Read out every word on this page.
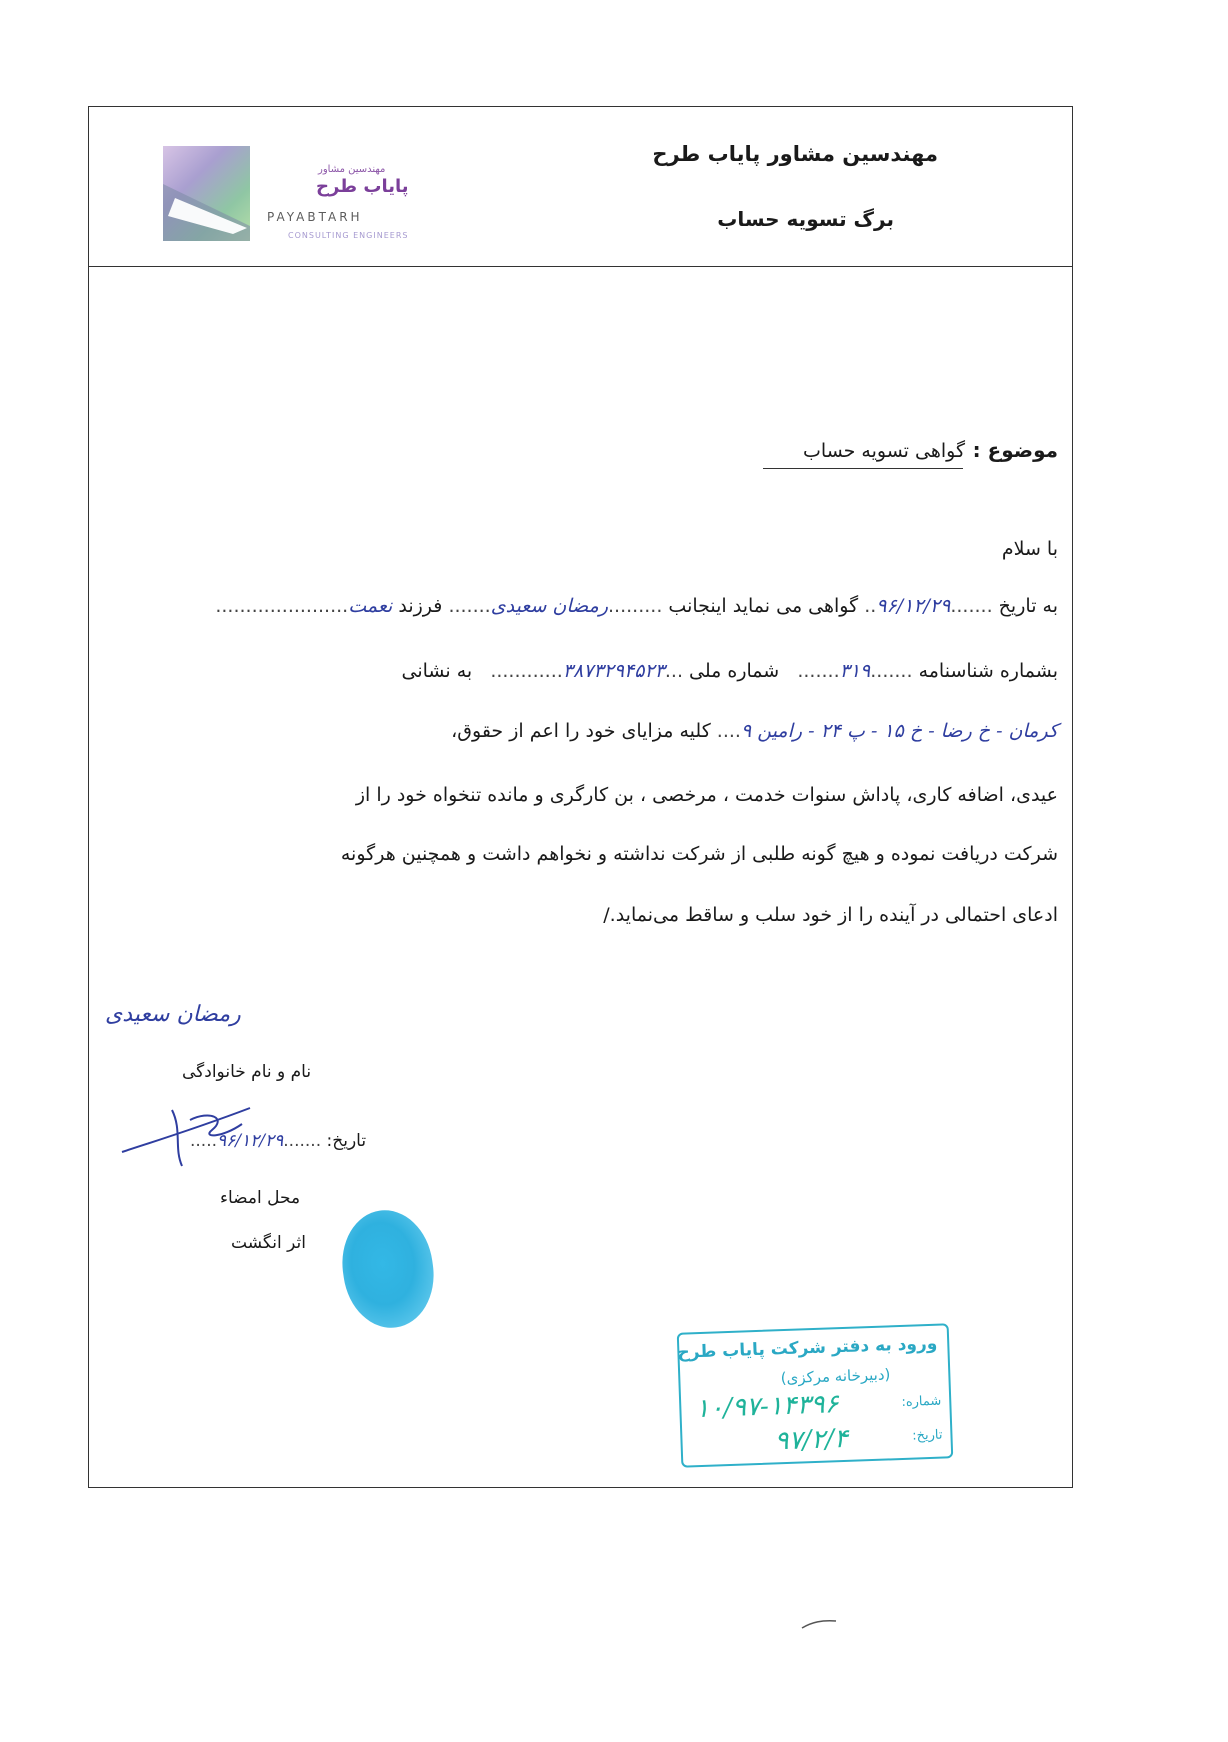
مهندسین مشاور
پایاب طرح
PAYABTARH
CONSULTING ENGINEERS
مهندسین مشاور پایاب طرح
برگ تسویه حساب
موضوع :
گواهی تسویه حساب
با سلام
به تاریخ .......۹۶/۱۲/۲۹.. گواهی می نماید اینجانب .........رمضان سعیدی....... فرزند نعمت......................
بشماره شناسنامه .......۳۱۹.......   شماره ملی ...۳۸۷۳۲۹۴۵۲۳............   به نشانی
کرمان - خ رضا - خ ۱۵ - پ ۲۴ - رامین ۹.... کلیه مزایای خود را اعم از حقوق،
عیدی، اضافه کاری، پاداش سنوات خدمت ، مرخصی ، بن کارگری و مانده تنخواه خود را از
شرکت دریافت نموده و هیچ گونه طلبی از شرکت نداشته و نخواهم داشت و همچنین هرگونه
ادعای احتمالی در آینده را از خود سلب و ساقط می‌نماید./
رمضان سعیدی
نام و نام خانوادگی
تاریخ: .......۹۶/۱۲/۲۹.....
محل امضاء
اثر انگشت
ورود به دفتر شرکت پایاب طرح
(دبیرخانه مرکزی)
شماره:
۱۰/۹۷-۱۴۳۹۶
تاریخ:
۹۷/۲/۴
